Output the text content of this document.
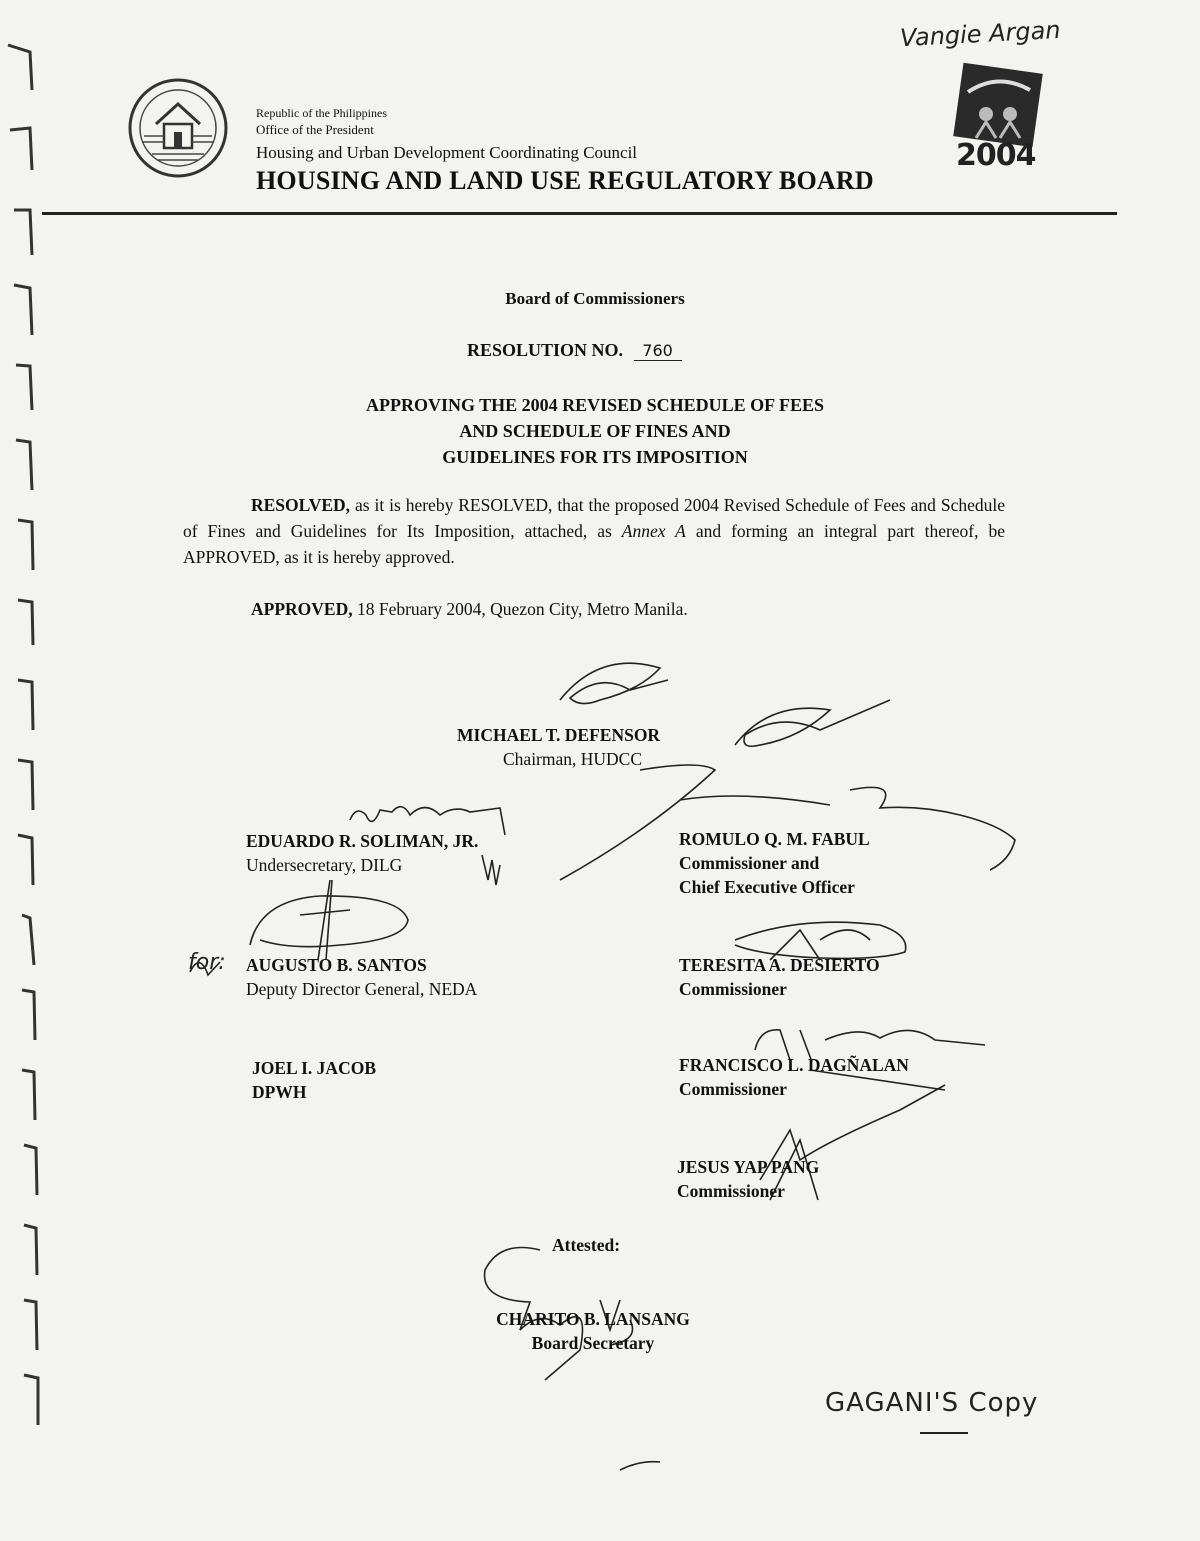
Vangie Argan
Republic of the Philippines
Office of the President
Housing and Urban Development Coordinating Council
HOUSING AND LAND USE REGULATORY BOARD
2004
Board of Commissioners
RESOLUTION NO. 760
APPROVING THE 2004 REVISED SCHEDULE OF FEES
AND SCHEDULE OF FINES AND
GUIDELINES FOR ITS IMPOSITION
RESOLVED, as it is hereby RESOLVED, that the proposed 2004 Revised Schedule of Fees and Schedule of Fines and Guidelines for Its Imposition, attached, as Annex A and forming an integral part thereof, be APPROVED, as it is hereby approved.
APPROVED, 18 February 2004, Quezon City, Metro Manila.
MICHAEL T. DEFENSOR
Chairman, HUDCC
EDUARDO R. SOLIMAN, JR.
Undersecretary, DILG
ROMULO Q. M. FABUL
Commissioner and
Chief Executive Officer
for: AUGUSTO B. SANTOS
Deputy Director General, NEDA
TERESITA A. DESIERTO
Commissioner
JOEL I. JACOB
DPWH
FRANCISCO L. DAGÑALAN
Commissioner
JESUS YAP PANG
Commissioner
Attested:
CHARITO B. LANSANG
Board Secretary
GAGANI'S Copy
